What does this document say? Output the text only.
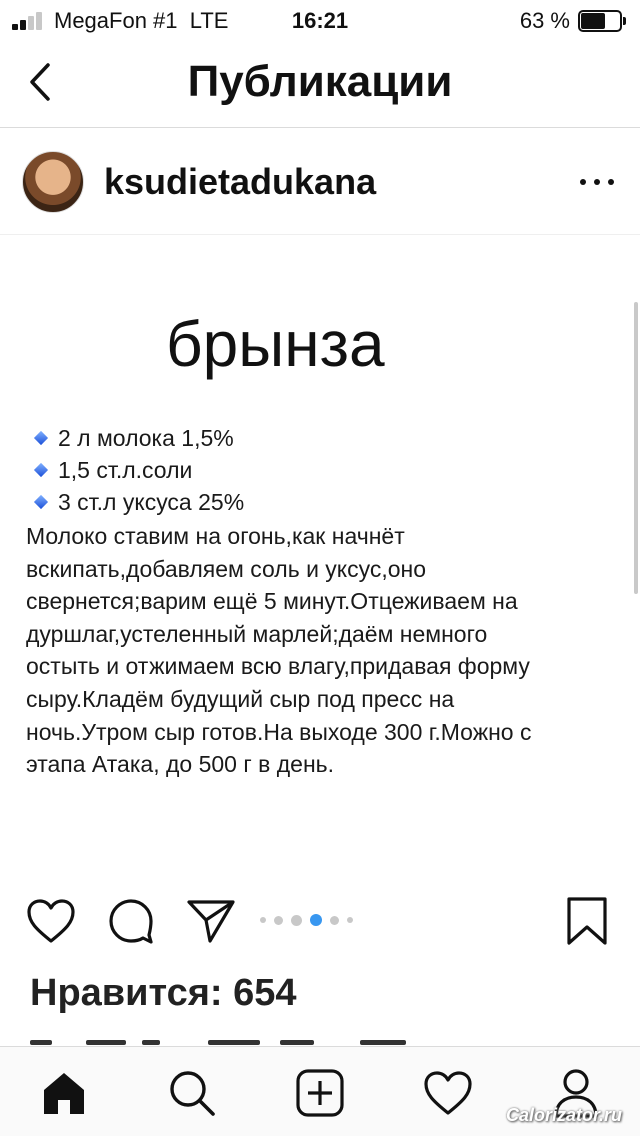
MegaFon #1 LTE	16:21	63 %
Публикации
ksudietadukana
брынза
2 л молока 1,5%
1,5 ст.л.соли
3 ст.л уксуса 25%
Молоко ставим на огонь,как начнёт
вскипать,добавляем соль и уксус,оно
свернется;варим ещё 5 минут.Отцеживаем на
дуршлаг,устеленный марлей;даём немного
остыть и отжимаем всю влагу,придавая форму
сыру.Кладём будущий сыр под пресс на
ночь.Утром сыр готов.На выходе 300 г.Можно с
этапа Атака, до 500 г в день.
Нравится: 654
Calorizator.ru
